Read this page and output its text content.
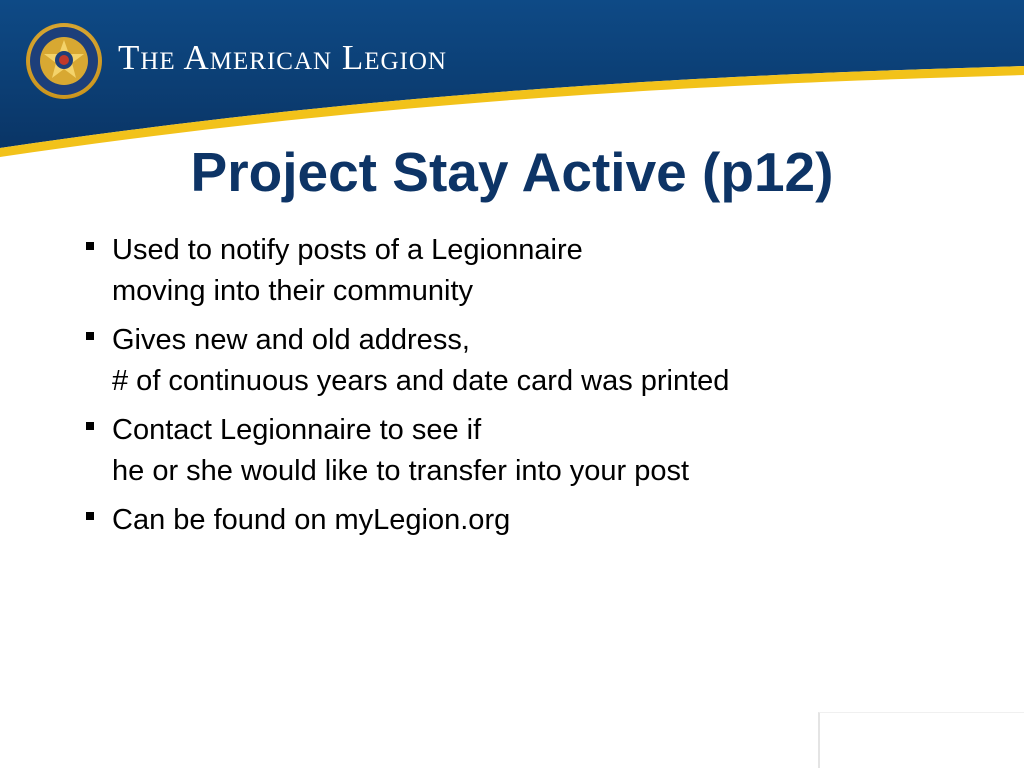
The American Legion
Project Stay Active (p12)
Used to notify posts of a Legionnaire
moving into their community
Gives new and old address,
# of continuous years and date card was printed
Contact Legionnaire to see if
he or she would like to transfer into your post
Can be found on myLegion.org
